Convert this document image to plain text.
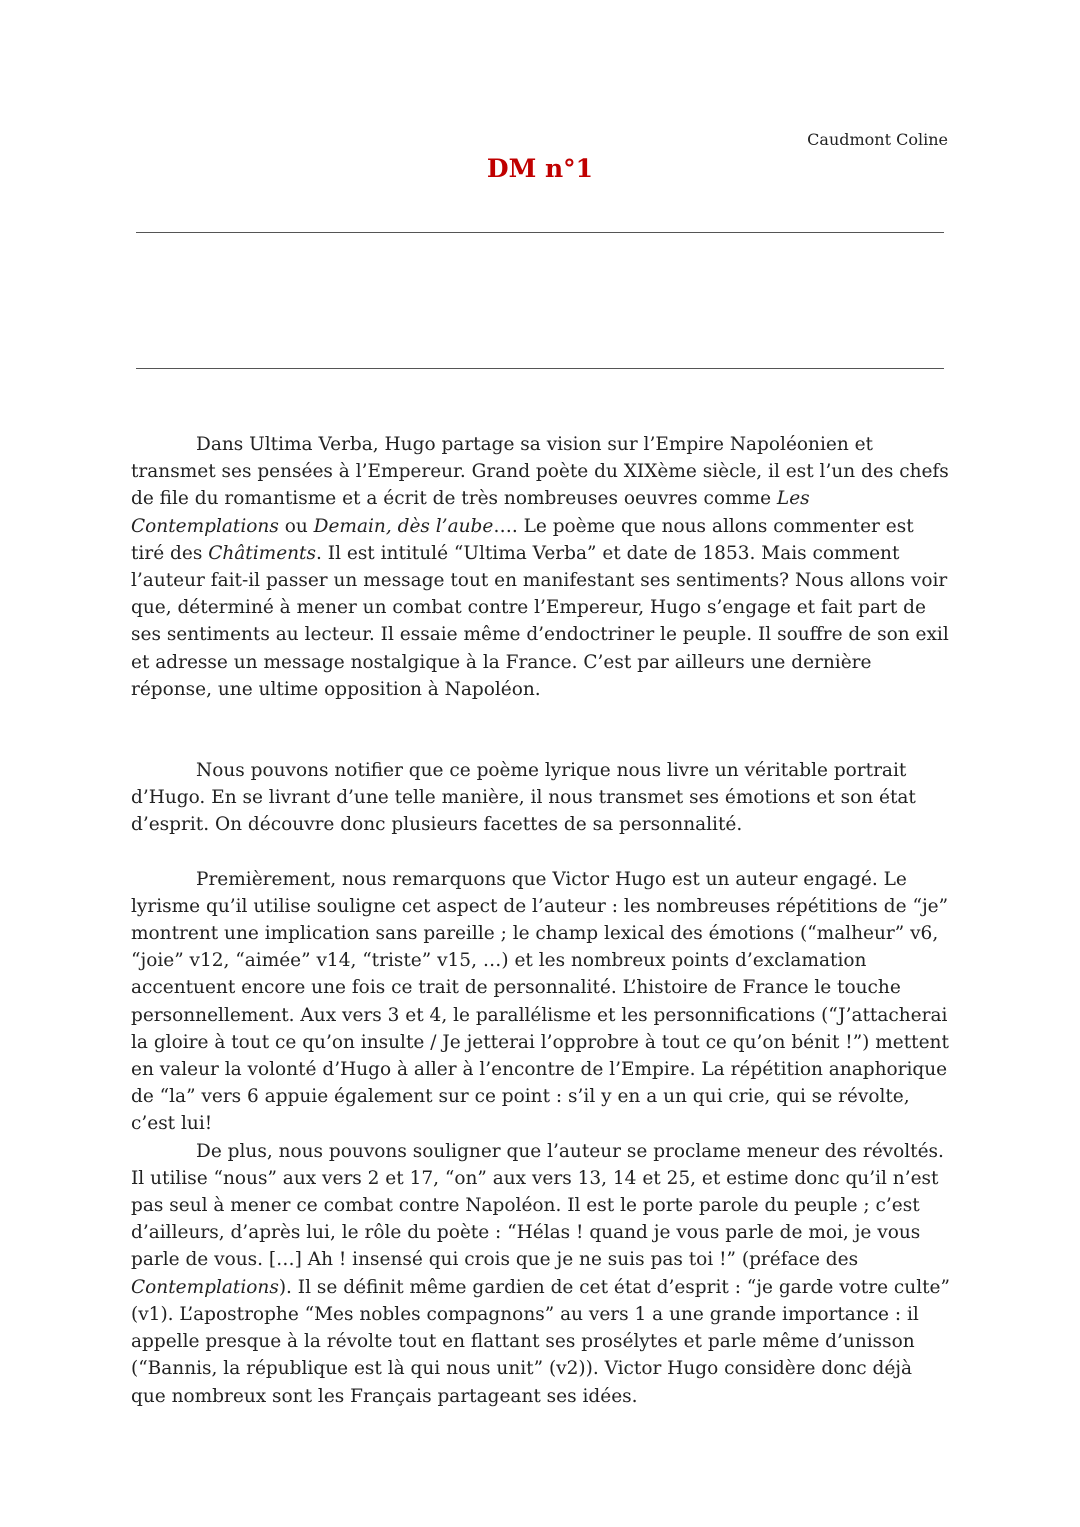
Caudmont Coline
DM n°1

Dans Ultima Verba, Hugo partage sa vision sur l’Empire Napoléonien et transmet ses pensées à l’Empereur. Grand poète du XIXème siècle, il est l’un des chefs de file du romantisme et a écrit de très nombreuses oeuvres comme Les Contemplations ou Demain, dès l’aube…. Le poème que nous allons commenter est tiré des Châtiments. Il est intitulé “Ultima Verba” et date de 1853. Mais comment l’auteur fait-il passer un message tout en manifestant ses sentiments? Nous allons voir que, déterminé à mener un combat contre l’Empereur, Hugo s’engage et fait part de ses sentiments au lecteur. Il essaie même d’endoctriner le peuple. Il souffre de son exil et adresse un message nostalgique à la France. C’est par ailleurs une dernière réponse, une ultime opposition à Napoléon.

Nous pouvons notifier que ce poème lyrique nous livre un véritable portrait d’Hugo. En se livrant d’une telle manière, il nous transmet ses émotions et son état d’esprit. On découvre donc plusieurs facettes de sa personnalité.

Premièrement, nous remarquons que Victor Hugo est un auteur engagé. Le lyrisme qu’il utilise souligne cet aspect de l’auteur : les nombreuses répétitions de “je” montrent une implication sans pareille ; le champ lexical des émotions (“malheur” v6, “joie” v12, “aimée” v14, “triste” v15, …) et les nombreux points d’exclamation accentuent encore une fois ce trait de personnalité. L’histoire de France le touche personnellement. Aux vers 3 et 4, le parallélisme et les personnifications (“J’attacherai la gloire à tout ce qu’on insulte / Je jetterai l’opprobre à tout ce qu’on bénit !”) mettent en valeur la volonté d’Hugo à aller à l’encontre de l’Empire. La répétition anaphorique de “la” vers 6 appuie également sur ce point : s’il y en a un qui crie, qui se révolte, c’est lui!

De plus, nous pouvons souligner que l’auteur se proclame meneur des révoltés. Il utilise “nous” aux vers 2 et 17, “on” aux vers 13, 14 et 25, et estime donc qu’il n’est pas seul à mener ce combat contre Napoléon. Il est le porte parole du peuple ; c’est d’ailleurs, d’après lui, le rôle du poète : “Hélas ! quand je vous parle de moi, je vous parle de vous. […] Ah ! insensé qui crois que je ne suis pas toi !” (préface des Contemplations). Il se définit même gardien de cet état d’esprit : “je garde votre culte” (v1). L’apostrophe “Mes nobles compagnons” au vers 1 a une grande importance : il appelle presque à la révolte tout en flattant ses prosélytes et parle même d’unisson (“Bannis, la république est là qui nous unit” (v2)). Victor Hugo considère donc déjà que nombreux sont les Français partageant ses idées.
